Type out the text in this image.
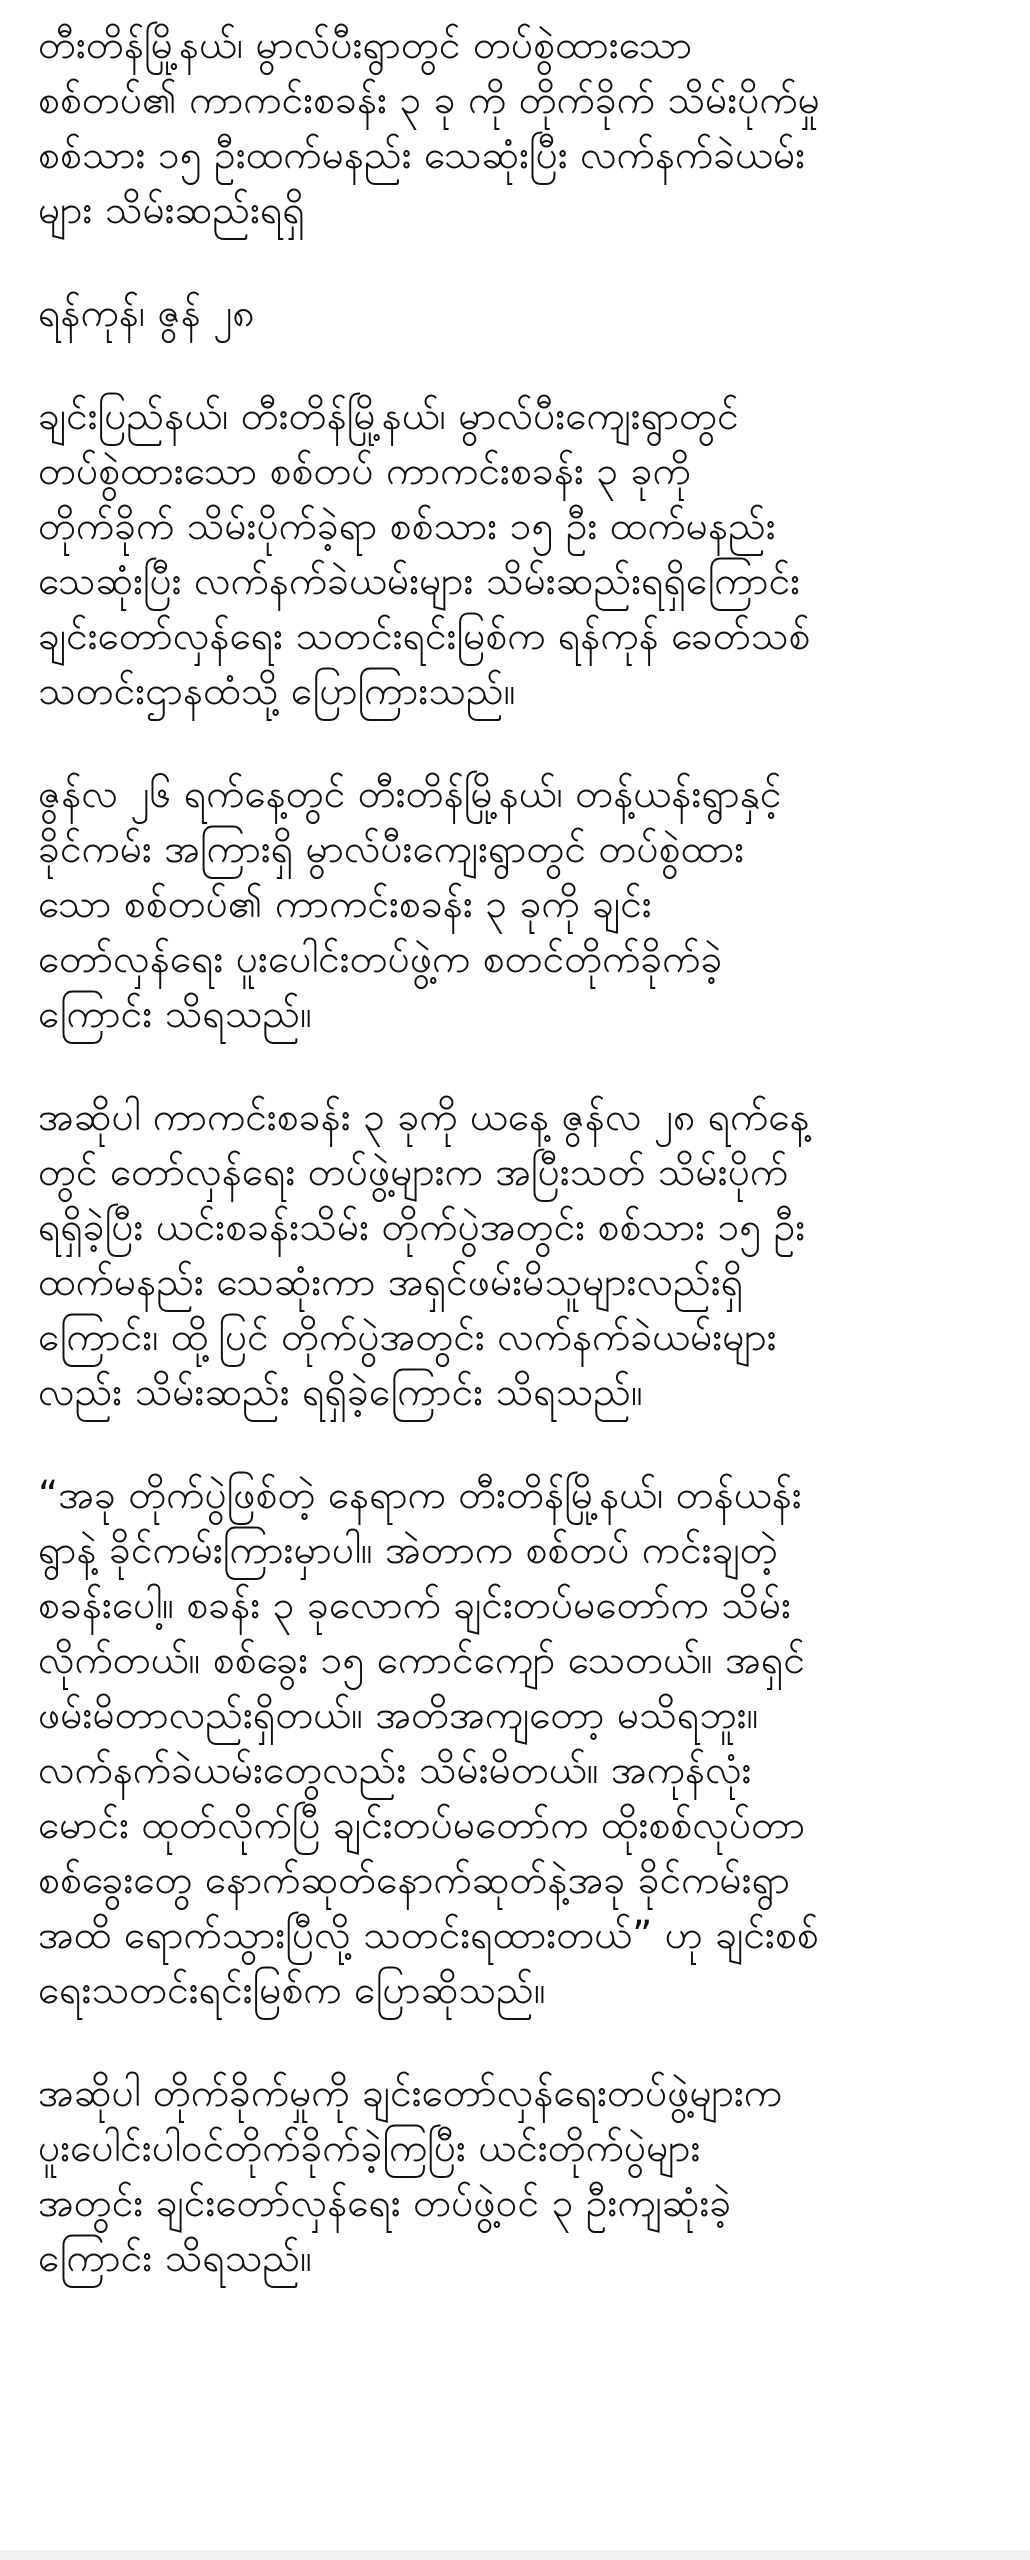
တီးတိန်မြို့နယ်၊ မွာလ်ပီးရွာတွင် တပ်စွဲထားသော
စစ်တပ်၏ ကာကင်းစခန်း ၃ ခု ကို တိုက်ခိုက် သိမ်းပိုက်မှု
စစ်သား ၁၅ ဦးထက်မနည်း သေဆုံးပြီး လက်နက်ခဲယမ်း
များ သိမ်းဆည်းရရှိ

ရန်ကုန်၊ ဇွန် ၂၈

ချင်းပြည်နယ်၊ တီးတိန်မြို့နယ်၊ မွာလ်ပီးကျေးရွာတွင်
တပ်စွဲထားသော စစ်တပ် ကာကင်းစခန်း ၃ ခုကို
တိုက်ခိုက် သိမ်းပိုက်ခဲ့ရာ စစ်သား ၁၅ ဦး ထက်မနည်း
သေဆုံးပြီး လက်နက်ခဲယမ်းများ သိမ်းဆည်းရရှိကြောင်း
ချင်းတော်လှန်ရေး သတင်းရင်းမြစ်က ရန်ကုန် ခေတ်သစ်
သတင်းဌာနထံသို့ ပြောကြားသည်။

ဇွန်လ ၂၆ ရက်နေ့တွင် တီးတိန်မြို့နယ်၊ တန့်ယန်းရွာနှင့်
ခိုင်ကမ်း အကြားရှိ မွာလ်ပီးကျေးရွာတွင် တပ်စွဲထား
သော စစ်တပ်၏ ကာကင်းစခန်း ၃ ခုကို ချင်း
တော်လှန်ရေး ပူးပေါင်းတပ်ဖွဲ့က စတင်တိုက်ခိုက်ခဲ့
ကြောင်း သိရသည်။

အဆိုပါ ကာကင်းစခန်း ၃ ခုကို ယနေ့ ဇွန်လ ၂၈ ရက်နေ့
တွင် တော်လှန်ရေး တပ်ဖွဲ့များက အပြီးသတ် သိမ်းပိုက်
ရရှိခဲ့ပြီး ယင်းစခန်းသိမ်း တိုက်ပွဲအတွင်း စစ်သား ၁၅ ဦး
ထက်မနည်း သေဆုံးကာ အရှင်ဖမ်းမိသူများလည်းရှိ
ကြောင်း၊ ထို့ပြင် တိုက်ပွဲအတွင်း လက်နက်ခဲယမ်းများ
လည်း သိမ်းဆည်း ရရှိခဲ့ကြောင်း သိရသည်။

“အခု တိုက်ပွဲဖြစ်တဲ့ နေရာက တီးတိန်မြို့နယ်၊ တန်ယန်း
ရွာနဲ့ ခိုင်ကမ်းကြားမှာပါ။ အဲတာက စစ်တပ် ကင်းချတဲ့
စခန်းပေါ့။ စခန်း ၃ ခုလောက် ချင်းတပ်မတော်က သိမ်း
လိုက်တယ်။ စစ်ခွေး ၁၅ ကောင်ကျော် သေတယ်။ အရှင်
ဖမ်းမိတာလည်းရှိတယ်။ အတိအကျတော့ မသိရဘူး။
လက်နက်ခဲယမ်းတွေလည်း သိမ်းမိတယ်။ အကုန်လုံး
မောင်း ထုတ်လိုက်ပြီ ချင်းတပ်မတော်က ထိုးစစ်လုပ်တာ
စစ်ခွေးတွေ နောက်ဆုတ်နောက်ဆုတ်နဲ့အခု ခိုင်ကမ်းရွာ
အထိ ရောက်သွားပြီလို့ သတင်းရထားတယ်” ဟု ချင်းစစ်
ရေးသတင်းရင်းမြစ်က ပြောဆိုသည်။

အဆိုပါ တိုက်ခိုက်မှုကို ချင်းတော်လှန်ရေးတပ်ဖွဲ့များက
ပူးပေါင်းပါဝင်တိုက်ခိုက်ခဲ့ကြပြီး ယင်းတိုက်ပွဲများ
အတွင်း ချင်းတော်လှန်ရေး တပ်ဖွဲ့ဝင် ၃ ဦးကျဆုံးခဲ့
ကြောင်း သိရသည်။
